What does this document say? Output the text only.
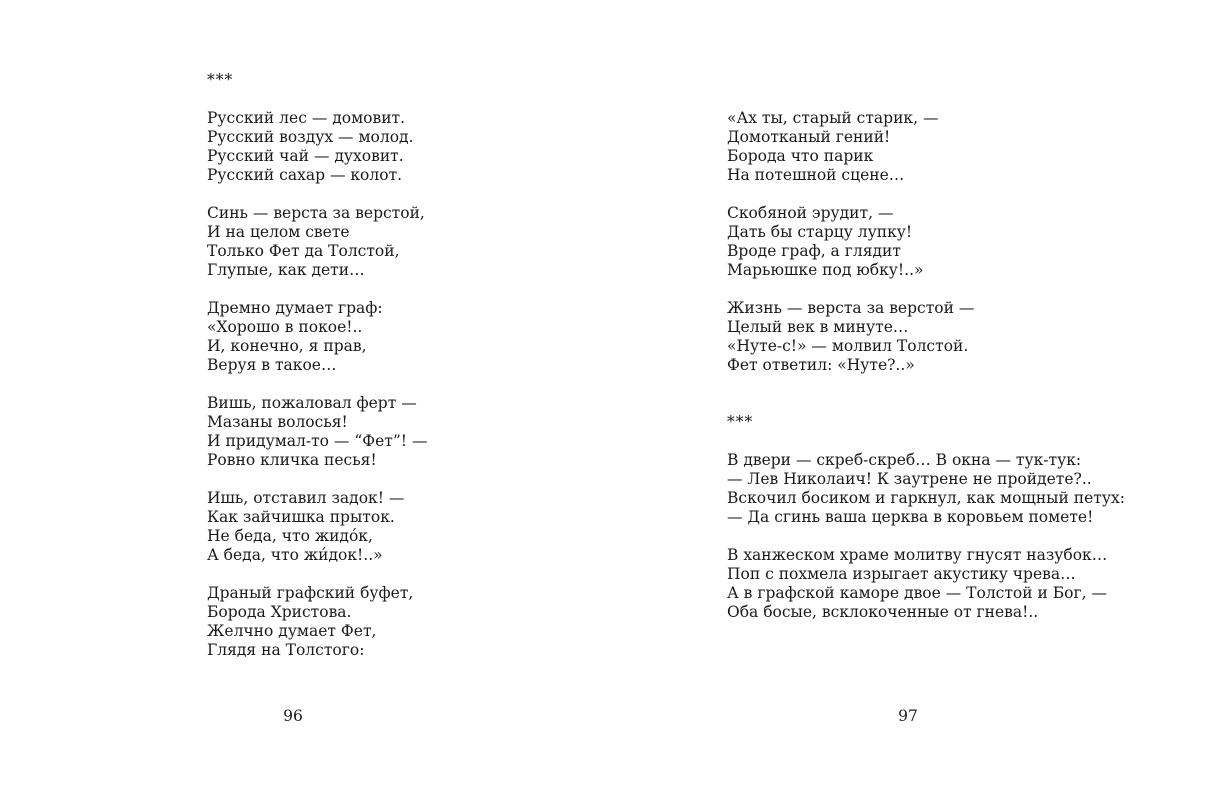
***
Русский лес — домовит.
Русский воздух — молод.
Русский чай — духовит.
Русский сахар — колот.
Синь — верста за верстой,
И на целом свете
Только Фет да Толстой,
Глупые, как дети…
Дремно думает граф:
«Хорошо в покое!..
И, конечно, я прав,
Веруя в такое…
Вишь, пожаловал ферт —
Мазаны волосья!
И придумал-то — “Фет”! —
Ровно кличка песья!
Ишь, отставил задок! —
Как зайчишка прыток.
Не беда, что жидóк,
А беда, что жи́док!..»
Драный графский буфет,
Борода Христова.
Желчно думает Фет,
Глядя на Толстого:
96
«Ах ты, старый старик, —
Домотканый гений!
Борода что парик
На потешной сцене…
Скобяной эрудит, —
Дать бы старцу лупку!
Вроде граф, а глядит
Марьюшке под юбку!..»
Жизнь — верста за верстой —
Целый век в минуте…
«Нуте-с!» — молвил Толстой.
Фет ответил: «Нуте?..»
***
В двери — скреб-скреб… В окна — тук-тук:
— Лев Николаич! К заутрене не пройдете?..
Вскочил босиком и гаркнул, как мощный петух:
— Да сгинь ваша церква в коровьем помете!
В ханжеском храме молитву гнусят назубок…
Поп с похмела изрыгает акустику чрева…
А в графской каморе двое — Толстой и Бог, —
Оба босые, всклокоченные от гнева!..
97
